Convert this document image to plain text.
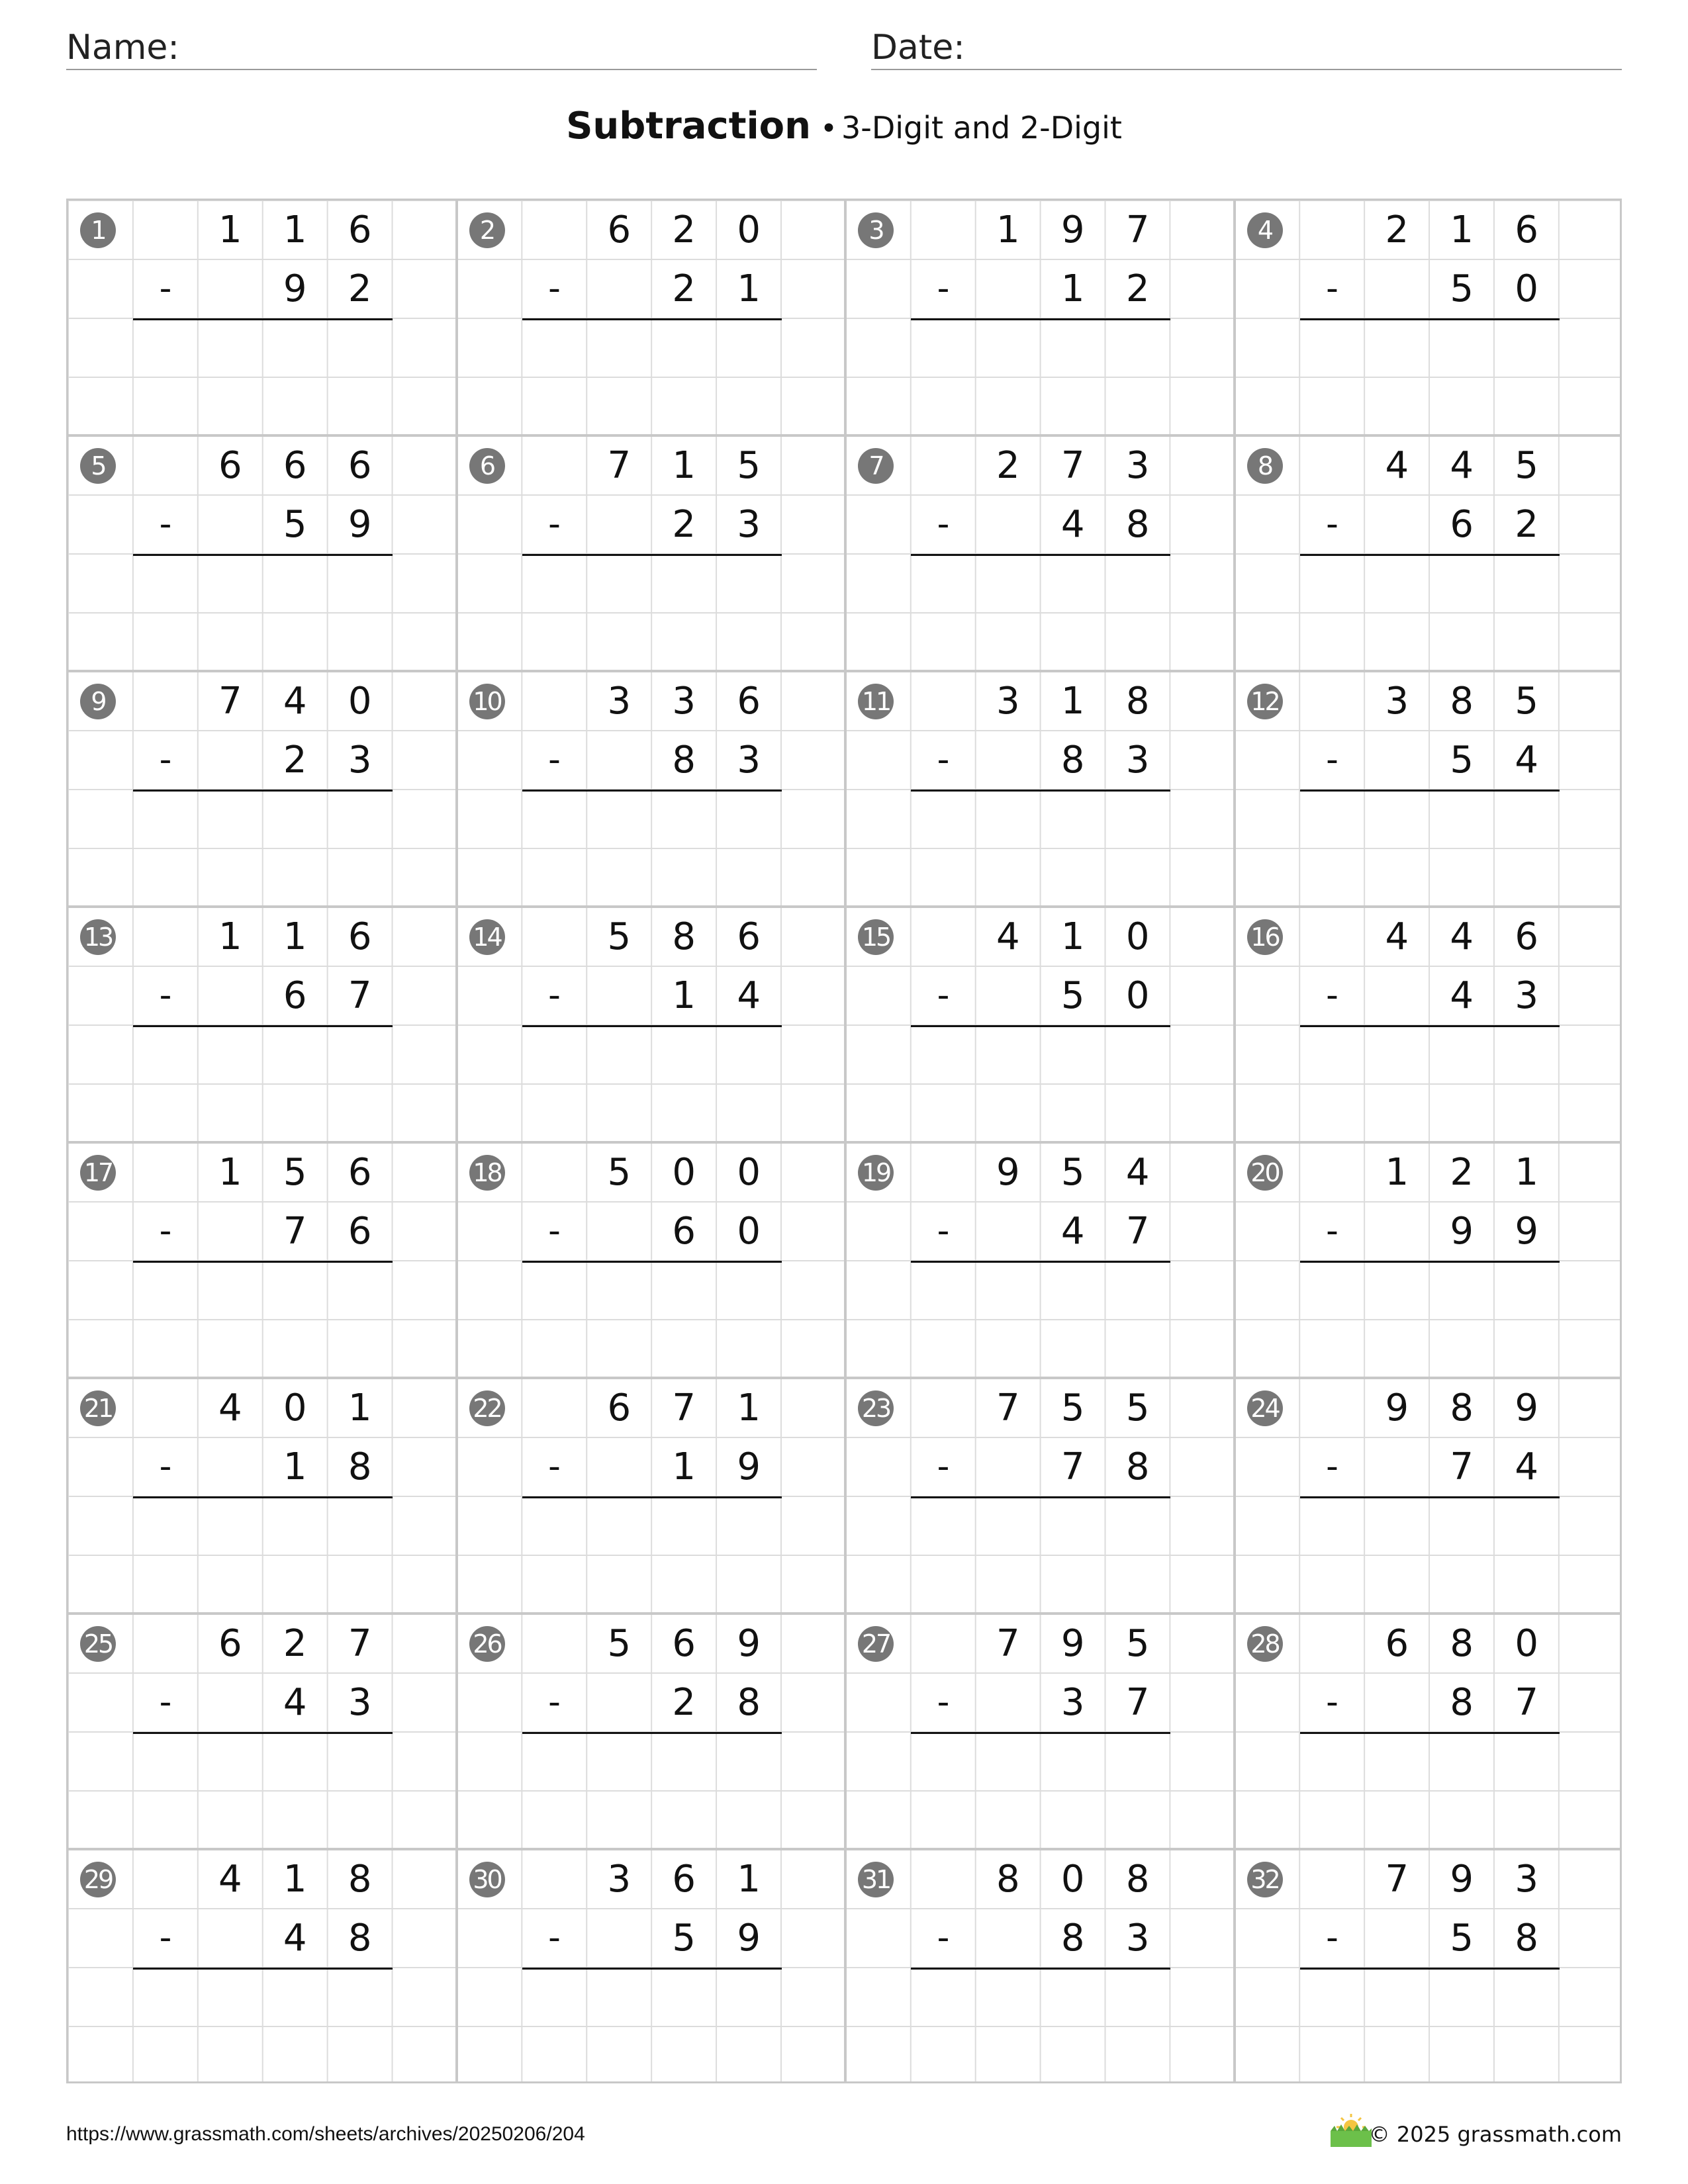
Name:	Date:
Subtraction • 3-Digit and 2-Digit
1	1	1	6
-	9	2
2	6	2	0
-	2	1
3	1	9	7
-	1	2
4	2	1	6
-	5	0
5	6	6	6
-	5	9
6	7	1	5
-	2	3
7	2	7	3
-	4	8
8	4	4	5
-	6	2
9	7	4	0
-	2	3
10	3	3	6
-	8	3
11	3	1	8
-	8	3
12	3	8	5
-	5	4
13	1	1	6
-	6	7
14	5	8	6
-	1	4
15	4	1	0
-	5	0
16	4	4	6
-	4	3
17	1	5	6
-	7	6
18	5	0	0
-	6	0
19	9	5	4
-	4	7
20	1	2	1
-	9	9
21	4	0	1
-	1	8
22	6	7	1
-	1	9
23	7	5	5
-	7	8
24	9	8	9
-	7	4
25	6	2	7
-	4	3
26	5	6	9
-	2	8
27	7	9	5
-	3	7
28	6	8	0
-	8	7
29	4	1	8
-	4	8
30	3	6	1
-	5	9
31	8	0	8
-	8	3
32	7	9	3
-	5	8
https://www.grassmath.com/sheets/archives/20250206/204	© 2025 grassmath.com
